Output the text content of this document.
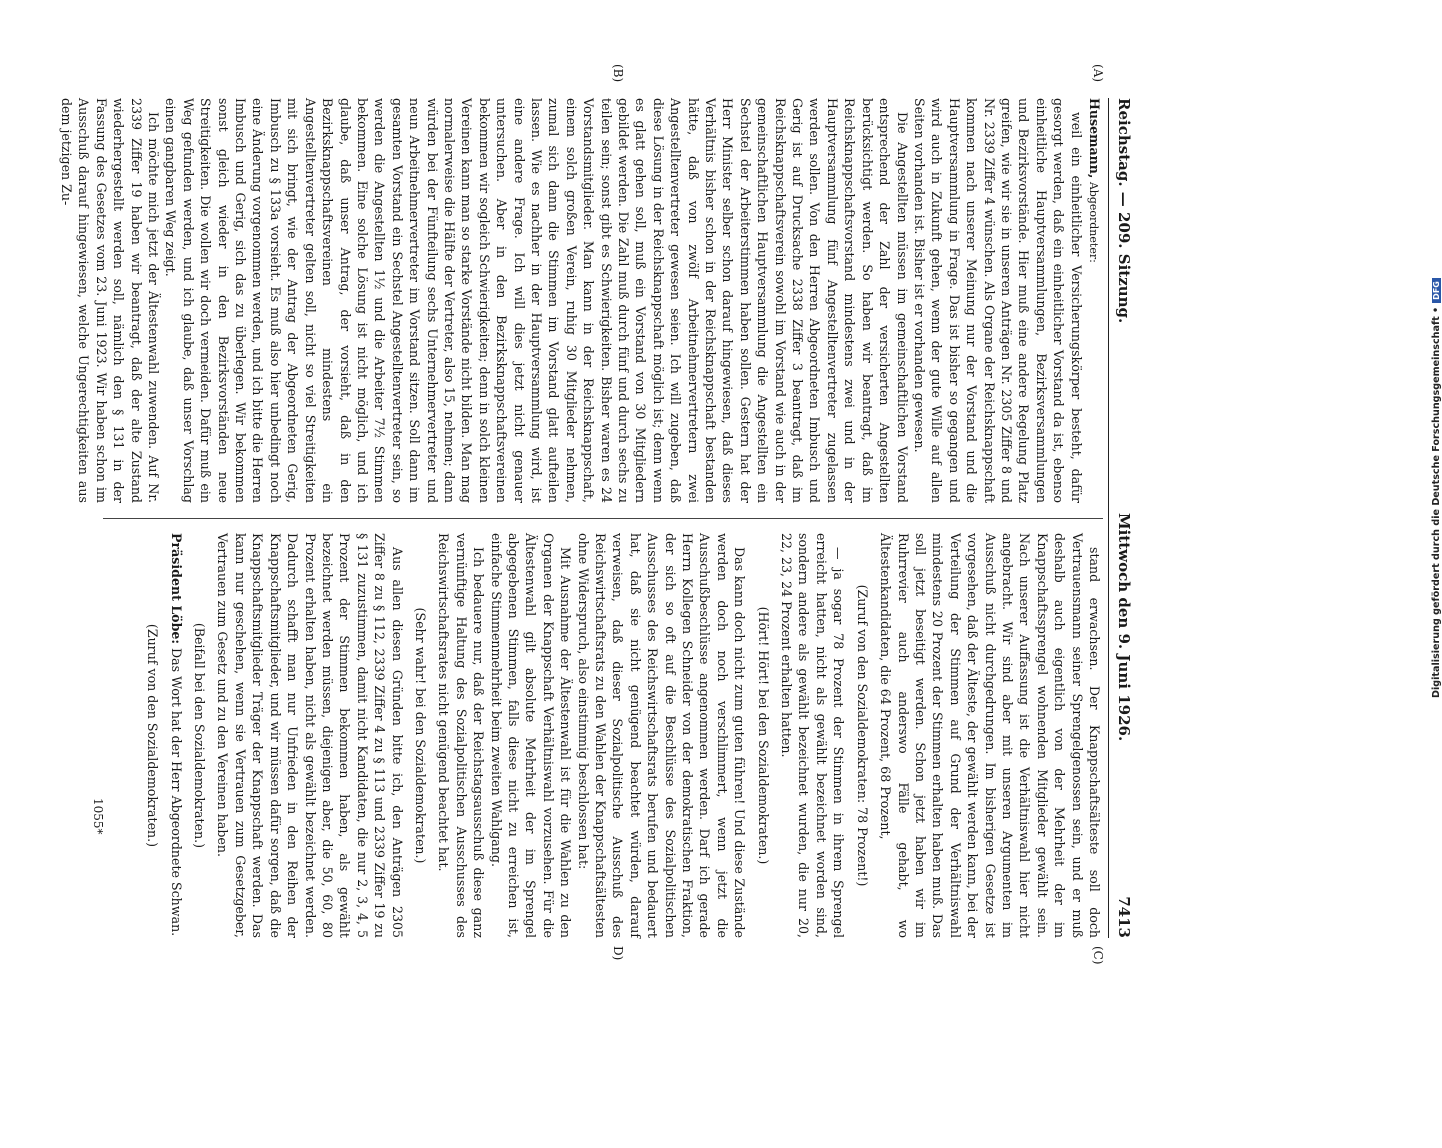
Reichstag. — 209. Sitzung.
Mittwoch den 9. Juni 1926.
7413

Husemann, Abgeordneter:

weil ein einheitlicher Versicherungskörper besteht, dafür gesorgt werden, daß ein einheitlicher Vorstand da ist, ebenso einheitliche Hauptversammlungen, Bezirksversammlungen und Bezirksvorstände. Hier muß eine andere Regelung Platz greifen, wie wir sie in unseren Anträgen Nr. 2305 Ziffer 8 und Nr. 2339 Ziffer 4 wünschen. Als Organe der Reichsknappschaft kommen nach unserer Meinung nur der Vorstand und die Hauptversammlung in Frage. Das ist bisher so gegangen und wird auch in Zukunft gehen, wenn der gute Wille auf allen Seiten vorhanden ist. Bisher ist er vorhanden gewesen.

Die Angestellten müssen im gemeinschaftlichen Vorstand entsprechend der Zahl der versicherten Angestellten berücksichtigt werden. So haben wir beantragt, daß im Reichsknappschaftsvorstand mindestens zwei und in der Hauptversammlung fünf Angestelltenvertreter zugelassen werden sollen. Von den Herren Abgeordneten Imbusch und Gerig ist auf Drucksache 2338 Ziffer 3 beantragt, daß im Reichsknappschaftsverein sowohl im Vorstand wie auch in der gemeinschaftlichen Hauptversammlung die Angestellten ein Sechstel der Arbeiterstimmen haben sollen. Gestern hat der Herr Minister selber schon darauf hingewiesen, daß dieses Verhältnis bisher schon in der Reichsknappschaft bestanden hätte, daß von zwölf Arbeitnehmervertretern zwei Angestelltenvertreter gewesen seien. Ich will zugeben, daß diese Lösung in der Reichsknappschaft möglich ist; denn wenn es glatt gehen soll, muß ein Vorstand von 30 Mitgliedern gebildet werden. Die Zahl muß durch fünf und durch sechs zu teilen sein; sonst gibt es Schwierigkeiten. Bisher waren es 24 Vorstandsmitglieder. Man kann in der Reichsknappschaft, einem solch großen Verein, ruhig 30 Mitglieder nehmen, zumal sich dann die Stimmen im Vorstand glatt aufteilen lassen. Wie es nachher in der Hauptversammlung wird, ist eine andere Frage. Ich will dies jetzt nicht genauer untersuchen. Aber in den Bezirksknappschaftsvereinen bekommen wir sogleich Schwierigkeiten; denn in solch kleinen Vereinen kann man so starke Vorstände nicht bilden. Man mag normalerweise die Hälfte der Vertreter, also 15, nehmen; dann würden bei der Fünfteilung sechs Unternehmervertreter und neun Arbeitnehmervertreter im Vorstand sitzen. Soll dann im gesamten Vorstand ein Sechstel Angestelltenvertreter sein, so werden die Angestellten 1½ und die Arbeiter 7½ Stimmen bekommen. Eine solche Lösung ist nicht möglich, und ich glaube, daß unser Antrag, der vorsieht, daß in den Bezirksknappschaftsvereinen mindestens ein Angestelltenvertreter gelten soll, nicht so viel Streitigkeiten mit sich bringt, wie der Antrag der Abgeordneten Gerig, Imbusch zu § 133a vorsieht. Es muß also hier unbedingt noch eine Änderung vorgenommen werden, und ich bitte die Herren Imbusch und Gerig, sich das zu überlegen. Wir bekommen sonst gleich wieder in den Bezirksvorständen neue Streitigkeiten. Die wollen wir doch vermeiden. Dafür muß ein Weg gefunden werden, und ich glaube, daß unser Vorschlag einen gangbaren Weg zeigt.

Ich möchte mich jetzt der Ältestenwahl zuwenden. Auf Nr. 2339 Ziffer 19 haben wir beantragt, daß der alte Zustand wiederhergestellt werden soll, nämlich den § 131 in der Fassung des Gesetzes vom 23. Juni 1923. Wir haben schon im Ausschuß darauf hingewiesen, welche Ungerechtigkeiten aus dem jetzigen Zu-

stand erwachsen. Der Knappschaftsälteste soll doch Vertrauensmann seiner Sprengelgenossen sein, und er muß deshalb auch eigentlich von der Mehrheit der im Knappschaftssprengel wohnenden Mitglieder gewählt sein. Nach unserer Auffassung ist die Verhältniswahl hier nicht angebracht. Wir sind aber mit unseren Argumenten im Ausschuß nicht durchgedrungen. Im bisherigen Gesetze ist vorgesehen, daß der Älteste, der gewählt werden kann, bei der Verteilung der Stimmen auf Grund der Verhältniswahl mindestens 20 Prozent der Stimmen erhalten haben muß. Das soll jetzt beseitigt werden. Schon jetzt haben wir im Ruhrrevier auch anderswo Fälle gehabt, wo Ältestenkandidaten, die 64 Prozent, 68 Prozent,

(Zuruf von den Sozialdemokraten: 78 Prozent!)

— ja sogar 78 Prozent der Stimmen in ihrem Sprengel erreicht hatten, nicht als gewählt bezeichnet worden sind, sondern andere als gewählt bezeichnet wurden, die nur 20, 22, 23, 24 Prozent erhalten hatten.

(Hört! Hört! bei den Sozialdemokraten.)

Das kann doch nicht zum guten führen! Und diese Zustände werden doch noch verschlimmert, wenn jetzt die Ausschußbeschlüsse angenommen werden. Darf ich gerade Herrn Kollegen Schneider von der demokratischen Fraktion, der sich so oft auf die Beschlüsse des Sozialpolitischen Ausschusses des Reichswirtschaftsrats berufen und bedauert hat, daß sie nicht genügend beachtet würden, darauf verweisen, daß dieser Sozialpolitische Ausschuß des Reichswirtschaftsrats zu den Wahlen der Knappschaftsältesten ohne Widerspruch, also einstimmig beschlossen hat:

Mit Ausnahme der Ältestenwahl ist für die Wahlen zu den Organen der Knappschaft Verhältniswahl vorzusehen. Für die Ältestenwahl gilt absolute Mehrheit der im Sprengel abgegebenen Stimmen, falls diese nicht zu erreichen ist, einfache Stimmenmehrheit beim zweiten Wahlgang.

Ich bedauere nur, daß der Reichstagsausschuß diese ganz vernünftige Haltung des Sozialpolitischen Ausschusses des Reichswirtschaftsrates nicht genügend beachtet hat.

(Sehr wahr! bei den Sozialdemokraten.)

Aus allen diesen Gründen bitte ich, den Anträgen 2305 Ziffer 8 zu § 112, 2339 Ziffer 4 zu § 113 und 2339 Ziffer 19 zu § 131 zuzustimmen, damit nicht Kandidaten, die nur 2, 3, 4, 5 Prozent der Stimmen bekommen haben, als gewählt bezeichnet werden müssen, diejenigen aber, die 50, 60, 80 Prozent erhalten haben, nicht als gewählt bezeichnet werden. Dadurch schafft man nur Unfrieden in den Reihen der Knappschaftsmitglieder, und wir müssen dafür sorgen, daß die Knappschaftsmitglieder Träger der Knappschaft werden. Das kann nur geschehen, wenn sie Vertrauen zum Gesetzgeber, Vertrauen zum Gesetz und zu den Vereinen haben.

(Beifall bei den Sozialdemokraten.)

Präsident Löbe: Das Wort hat der Herr Abgeordnete Schwan.

(Zuruf von den Sozialdemokraten.)

(A)
(B)
(C)
D)
1055*
Digitalisierung gefördert durch die Deutsche Forschungsgemeinschaft •DFG
